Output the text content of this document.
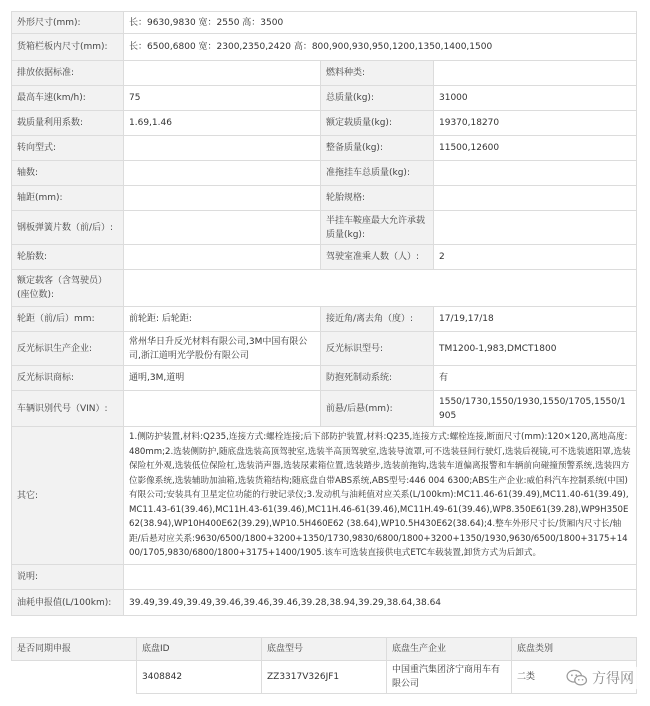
外形尺寸(mm):	长：9630,9830 宽：2550 高：3500		
货箱栏板内尺寸(mm):	长：6500,6800 宽：2300,2350,2420 高：800,900,930,950,1200,1350,1400,1500		
排放依据标准:		燃料种类:	
最高车速(km/h):	75	总质量(kg):	31000
载质量利用系数:	1.69,1.46	额定载质量(kg):	19370,18270
转向型式:		整备质量(kg):	11500,12600
轴数:		准拖挂车总质量(kg):	
轴距(mm):		轮胎规格:	
钢板弹簧片数（前/后）:		半挂车鞍座最大允许承载质量(kg):	
轮胎数:		驾驶室准乘人数（人）:	2
额定载客（含驾驶员）(座位数):			
轮距（前/后）mm:	前轮距: 后轮距:	接近角/离去角（度）:	17/19,17/18
反光标识生产企业:	常州华日升反光材料有限公司,3M中国有限公司,浙江道明光学股份有限公司	反光标识型号:	TM1200-1,983,DMCT1800
反光标识商标:	通明,3M,道明	防抱死制动系统:	有
车辆识别代号（VIN）:		前悬/后悬(mm):	1550/1730,1550/1930,1550/1705,1550/1905
其它:	1.侧防护装置,材料:Q235,连接方式:螺栓连接;后下部防护装置,材料:Q235,连接方式:螺栓连接,断面尺寸(mm):120×120,离地高度:480mm;2.选装侧防护,随底盘选装高顶驾驶室,选装半高顶驾驶室,选装导流罩,可不选装昼间行驶灯,选装后视镜,可不选装遮阳罩,选装保险杠外观,选装低位保险杠,选装消声器,选装尿素箱位置,选装踏步,选装前拖钩,选装车道偏离报警和车辆前向碰撞预警系统,选装四方位影像系统,选装辅助加油箱,选装货箱结构;随底盘自带ABS系统,ABS型号:446 004 6300;ABS生产企业:威伯科汽车控制系统(中国)有限公司;安装具有卫星定位功能的行驶记录仪;3.发动机与油耗值对应关系(L/100km):MC11.46-61(39.49),MC11.40-61(39.49),MC11.43-61(39.46),MC11H.43-61(39.46),MC11H.46-61(39.46),MC11H.49-61(39.46),WP8.350E61(39.28),WP9H350E62(38.94),WP10H400E62(39.29),WP10.5H460E62 (38.64),WP10.5H430E62(38.64);4.整车外形尺寸长/货厢内尺寸长/轴距/后悬对应关系:9630/6500/1800+3200+1350/1730,9830/6800/1800+3200+1350/1930,9630/6500/1800+3175+1400/1705,9830/6800/1800+3175+1400/1905.该车可选装直接供电式ETC车载装置,卸货方式为后卸式。		
说明:			
油耗申报值(L/100km):	39.49,39.49,39.49,39.46,39.46,39.46,39.28,38.94,39.29,38.64,38.64		
是否同期申报	底盘ID	底盘型号	底盘生产企业	底盘类别
	3408842	ZZ3317V326JF1	中国重汽集团济宁商用车有限公司	二类	方得网
